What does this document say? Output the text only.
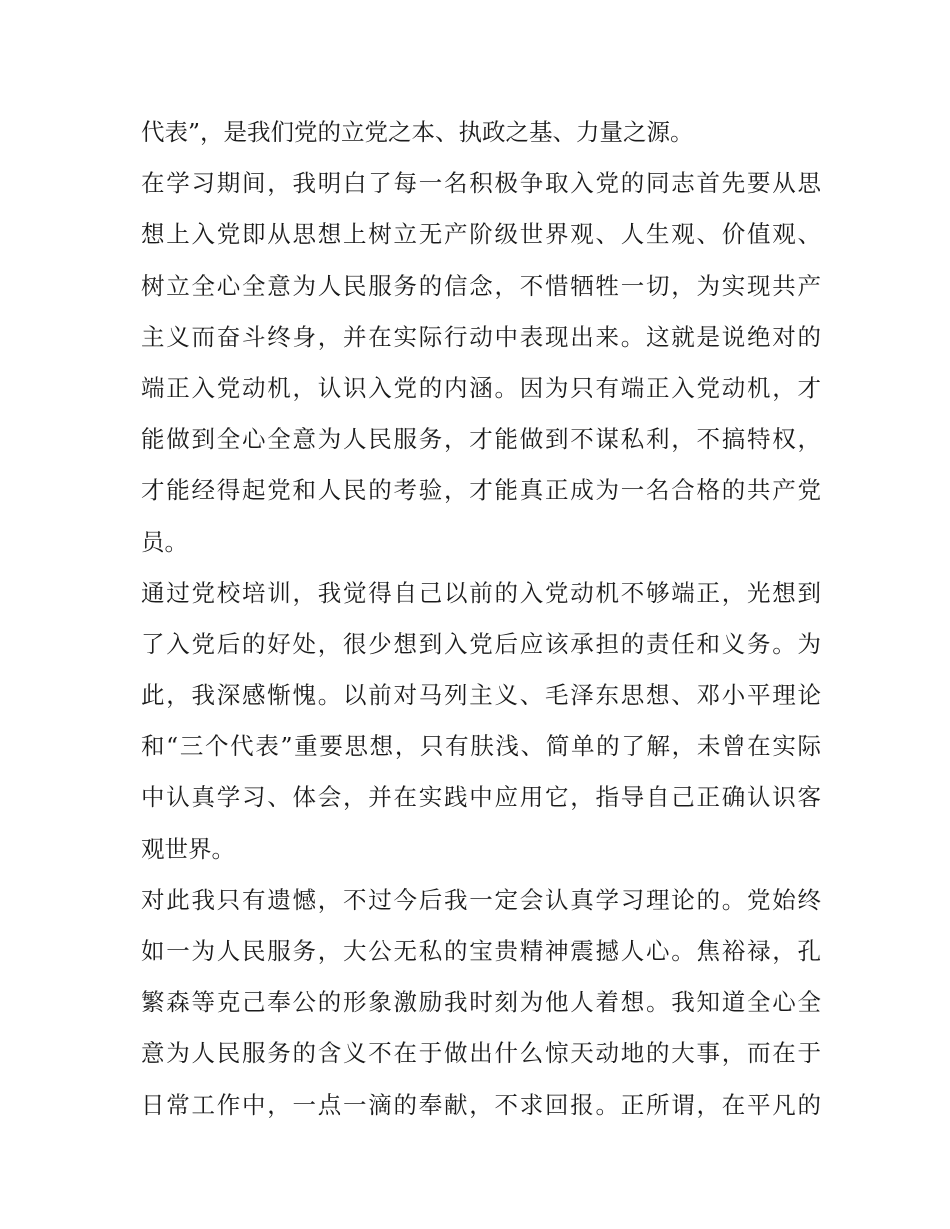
代表”，是我们党的立党之本、执政之基、力量之源。
在学习期间，我明白了每一名积极争取入党的同志首先要从思
想上入党即从思想上树立无产阶级世界观、人生观、价值观、
树立全心全意为人民服务的信念，不惜牺牲一切，为实现共产
主义而奋斗终身，并在实际行动中表现出来。这就是说绝对的
端正入党动机，认识入党的内涵。因为只有端正入党动机，才
能做到全心全意为人民服务，才能做到不谋私利，不搞特权，
才能经得起党和人民的考验，才能真正成为一名合格的共产党
员。
通过党校培训，我觉得自己以前的入党动机不够端正，光想到
了入党后的好处，很少想到入党后应该承担的责任和义务。为
此，我深感惭愧。以前对马列主义、毛泽东思想、邓小平理论
和“三个代表”重要思想，只有肤浅、简单的了解，未曾在实际
中认真学习、体会，并在实践中应用它，指导自己正确认识客
观世界。
对此我只有遗憾，不过今后我一定会认真学习理论的。党始终
如一为人民服务，大公无私的宝贵精神震撼人心。焦裕禄，孔
繁森等克己奉公的形象激励我时刻为他人着想。我知道全心全
意为人民服务的含义不在于做出什么惊天动地的大事，而在于
日常工作中，一点一滴的奉献，不求回报。正所谓，在平凡的
